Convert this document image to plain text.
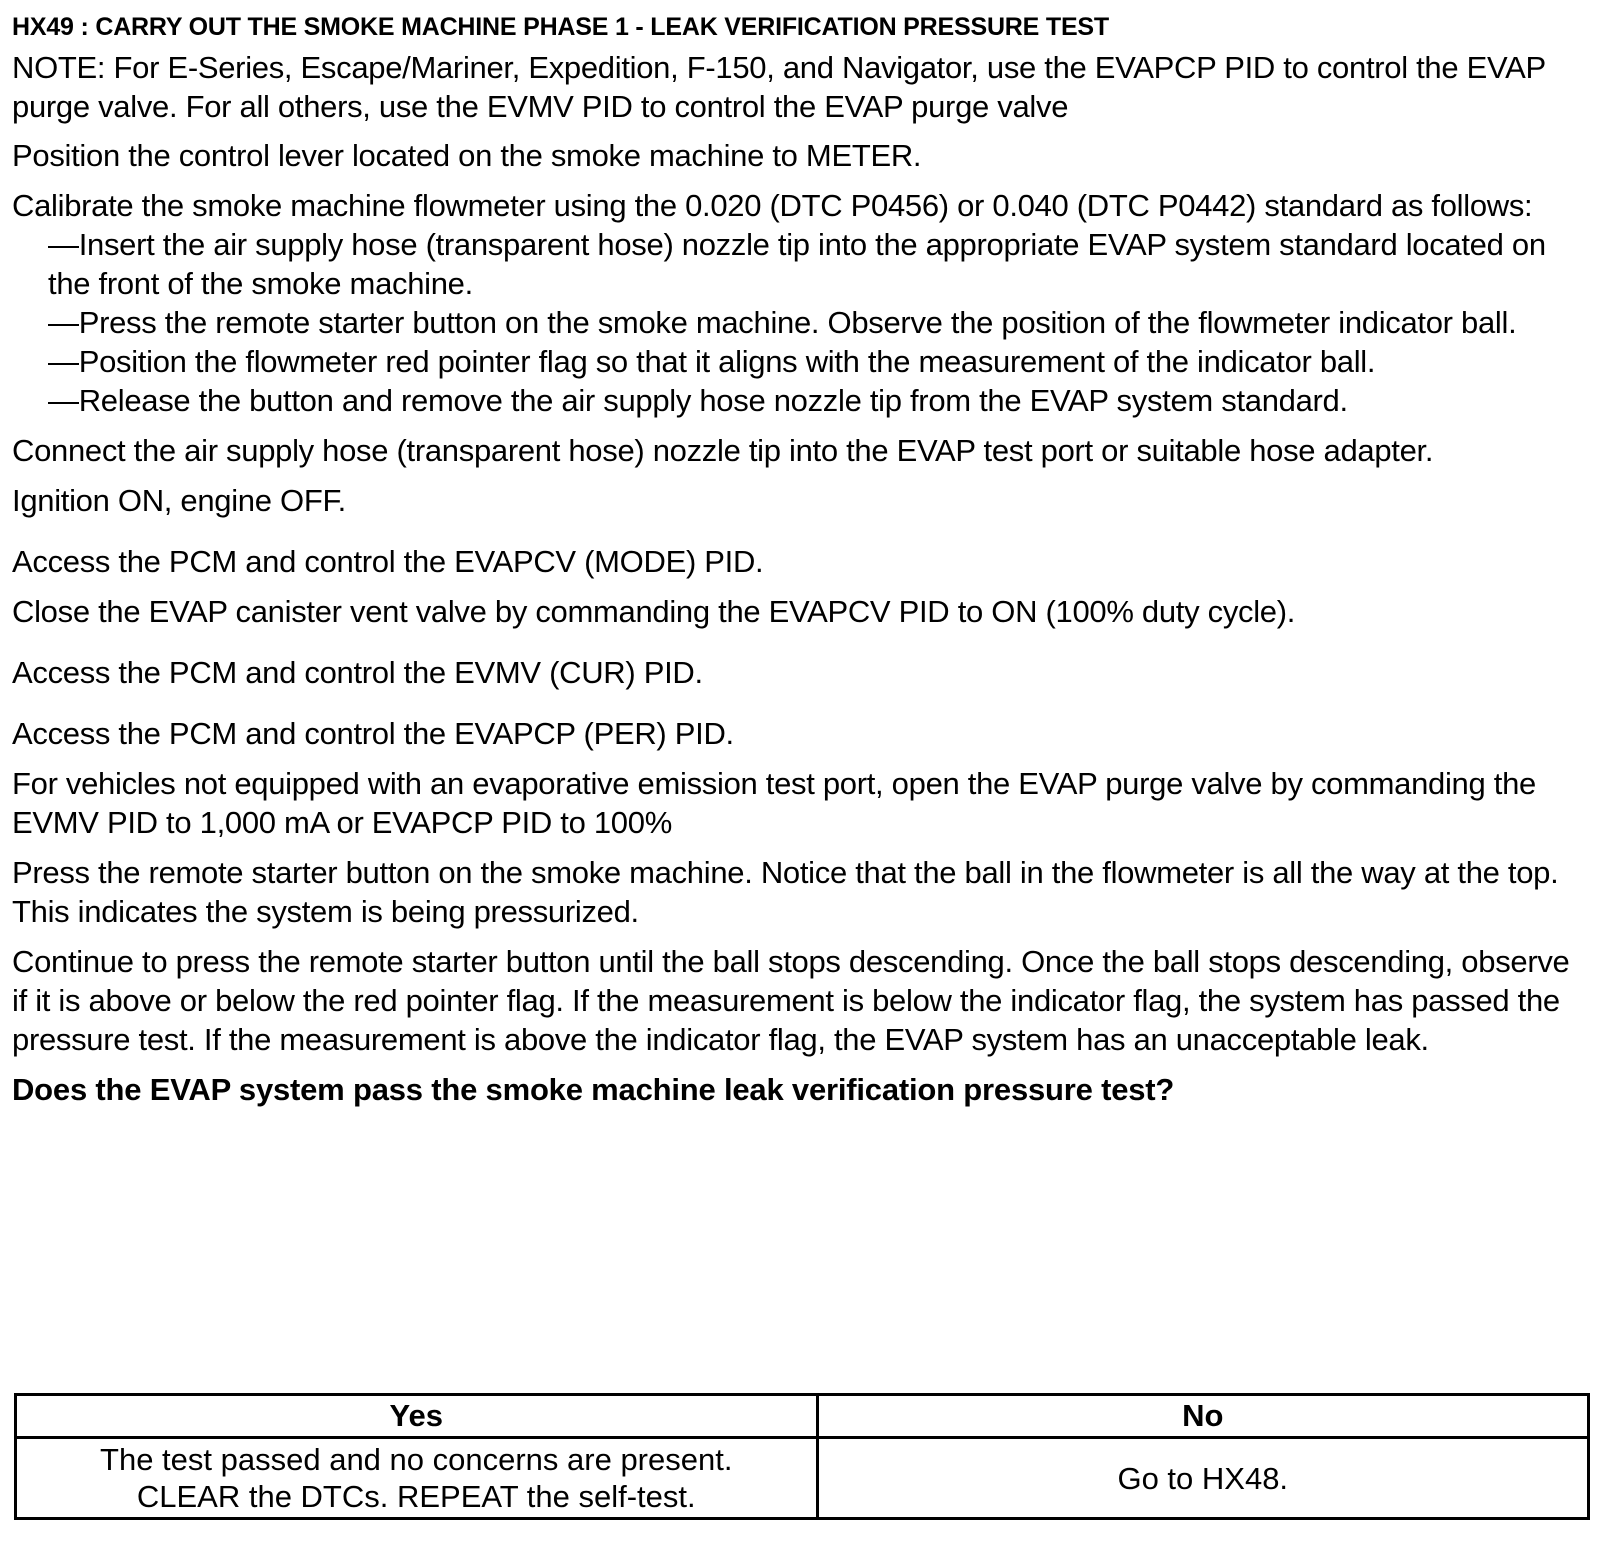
HX49 : CARRY OUT THE SMOKE MACHINE PHASE 1 - LEAK VERIFICATION PRESSURE TEST

NOTE: For E-Series, Escape/Mariner, Expedition, F-150, and Navigator, use the EVAPCP PID to control the EVAP purge valve. For all others, use the EVMV PID to control the EVAP purge valve

Position the control lever located on the smoke machine to METER.

Calibrate the smoke machine flowmeter using the 0.020 (DTC P0456) or 0.040 (DTC P0442) standard as follows:

—Insert the air supply hose (transparent hose) nozzle tip into the appropriate EVAP system standard located on the front of the smoke machine.

—Press the remote starter button on the smoke machine. Observe the position of the flowmeter indicator ball.

—Position the flowmeter red pointer flag so that it aligns with the measurement of the indicator ball.

—Release the button and remove the air supply hose nozzle tip from the EVAP system standard.

Connect the air supply hose (transparent hose) nozzle tip into the EVAP test port or suitable hose adapter.

Ignition ON, engine OFF.

Access the PCM and control the EVAPCV (MODE) PID.

Close the EVAP canister vent valve by commanding the EVAPCV PID to ON (100% duty cycle).

Access the PCM and control the EVMV (CUR) PID.

Access the PCM and control the EVAPCP (PER) PID.

For vehicles not equipped with an evaporative emission test port, open the EVAP purge valve by commanding the EVMV PID to 1,000 mA or EVAPCP PID to 100%

Press the remote starter button on the smoke machine. Notice that the ball in the flowmeter is all the way at the top. This indicates the system is being pressurized.

Continue to press the remote starter button until the ball stops descending. Once the ball stops descending, observe if it is above or below the red pointer flag. If the measurement is below the indicator flag, the system has passed the pressure test. If the measurement is above the indicator flag, the EVAP system has an unacceptable leak.

Does the EVAP system pass the smoke machine leak verification pressure test?

Yes	No

The test passed and no concerns are present.
CLEAR the DTCs. REPEAT the self-test.	Go to HX48.
